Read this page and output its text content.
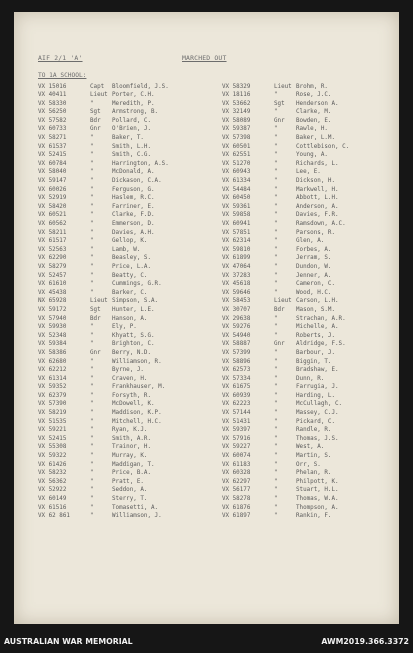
AIF 2/1 'A'	MARCHED OUT
TO 1A SCHOOL:
VX 15016	Capt	Bloomfield, J.S.
VX 40411	Lieut Porter, C.H.
VX 58330	"	Meredith, P.
VX 56250	Sgt	Armstrong, B.
VX 57582	Bdr	Pollard, C.
VX 60733	Gnr	O'Brien, J.
VX 58271	"	Baker, T.
VX 61537	"	Smith, L.H.
VX 52415	"	Smith, C.G.
VX 60784	"	Harrington, A.S.
VX 58040	"	McDonald, A.
VX 59147	"	Dickason, C.A.
VX 60026	"	Ferguson, G.
VX 52919	"	Haslem, R.C.
VX 58420	"	Farriner, E.
VX 60521	"	Clarke, F.D.
VX 60562	"	Emmerson, D.
VX 58211	"	Davies, A.H.
VX 61517	"	Gellop, K.
VX 52563	"	Lamb, W.
VX 62290	"	Beasley, S.
VX 58279	"	Price, L.A.
VX 52457	"	Beatty, C.
VX 61610	"	Cummings, G.R.
VX 45438	"	Barker, C.
NX 65928	Lieut Simpson, S.A.
VX 59172	Sgt	Hunter, L.E.
VX 57940	Bdr	Hanson, A.
VX 59930	"	Ely, P.
VX 52348	"	Khyatt, S.G.
VX 59384	"	Brighton, C.
VX 58386	Gnr	Berry, N.D.
VX 62680	"	Williamson, R.
VX 62212	"	Byrne, J.
VX 61314	"	Craven, H.
VX 59352	"	Frankhauser, M.
VX 62379	"	Forsyth, R.
VX 57390	"	McDowell, K.
VX 58219	"	Maddison, K.P.
VX 51535	"	Mitchell, H.C.
VX 59221	"	Ryan, K.J.
VX 52415	"	Smith, A.R.
VX 55308	"	Trainor, H.
VX 59322	"	Murray, K.
VX 61426	"	Maddigan, T.
VX 58232	"	Price, B.A.
VX 56362	"	Pratt, E.
VX 52922	"	Seddon, A.
VX 60149	"	Sterry, T.
VX 61516	"	Tomasetti, A.
VX 62 861	"	Williamson, J.
VX 58329	Lieut Brohm, R.
VX 18116	"	Rose, J.C.
VX 53662	Sgt	Henderson A.
VX 32149	"	Clarke, M.
VX 58089	Gnr	Bowden, E.
VX 59387	"	Rawle, H.
VX 57398	"	Baker, L.M.
VX 60501	"	Cottlebison, C.
VX 62551	"	Young, A.
VX 51270	"	Richards, L.
VX 60943	"	Lee, E.
VX 61334	"	Dickson, H.
VX 54484	"	Markwell, H.
VX 60450	"	Abbott, L.H.
VX 59361	"	Anderson, A.
VX 59858	"	Davies, F.R.
VX 60941	"	Ramsdown, A.C.
VX 57851	"	Parsons, R.
VX 62314	"	Glen, A.
VX 59810	"	Forbes, A.
VX 61899	"	Jerram, S.
VX 47064	"	Dundon, W.
VX 37283	"	Jenner, A.
VX 45618	"	Cameron, C.
VX 59646	"	Wood, H.C.
VX 58453	Lieut Carson, L.H.
VX 30707	Bdr	Mason, S.M.
VX 29638	"	Strachan, A.R.
VX 59276	"	Michelle, A.
VX 54940	"	Roberts, J.
VX 58887	Gnr	Aldridge, F.S.
VX 57399	"	Barbour, J.
VX 58896	"	Biggin, T.
VX 62573	"	Bradshaw, E.
VX 57334	"	Dunn, R.
VX 61675	"	Farrugia, J.
VX 60939	"	Harding, L.
VX 62223	"	McCullagh, C.
VX 57144	"	Massey, C.J.
VX 51431	"	Pickard, C.
VX 59397	"	Randle, R.
VX 57916	"	Thomas, J.S.
VX 59227	"	West, A.
VX 60074	"	Martin, S.
VX 61183	"	Orr, S.
VX 60328	"	Phelan, R.
VX 62297	"	Philpott, K.
VX 56177	"	Stuart, H.L.
VX 58278	"	Thomas, W.A.
VX 61876	"	Thompson, A.
VX 61897	"	Rankin, F.
AUSTRALIAN WAR MEMORIAL	AWM2019.366.3372
